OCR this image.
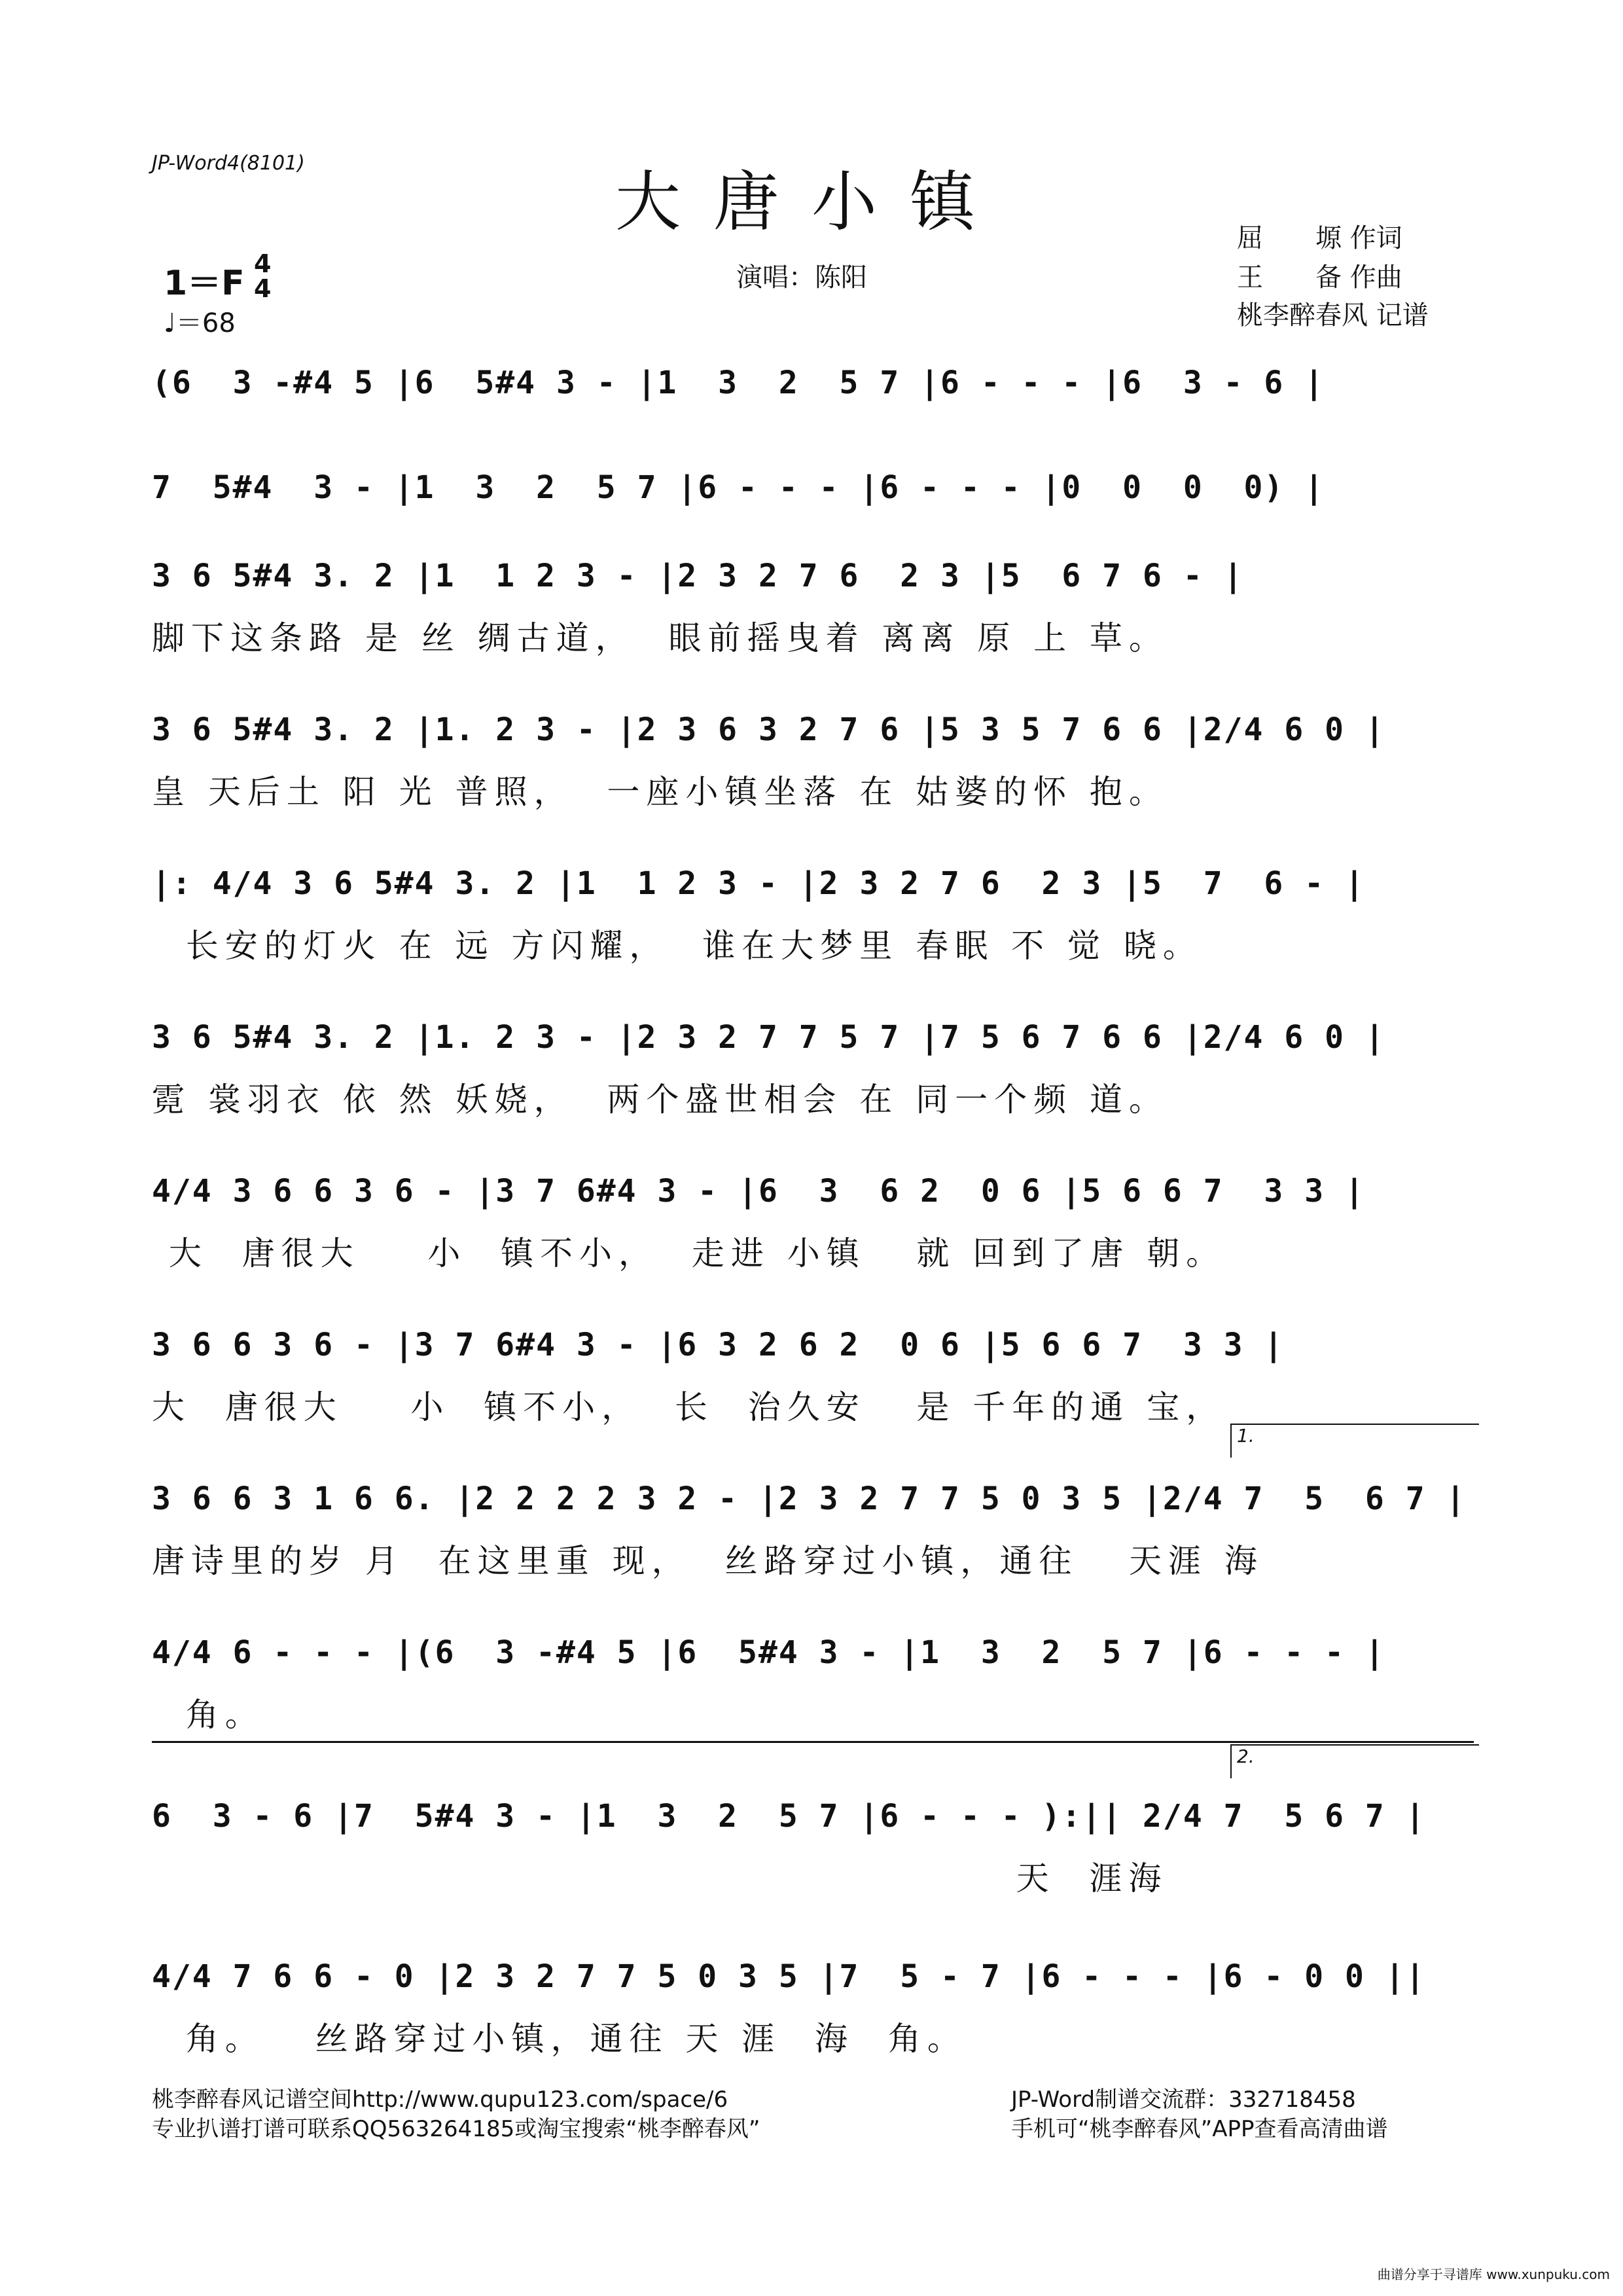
JP-Word4(8101)
大唐小镇
演唱：陈阳
屈　　塬 作词
王　　备 作曲
桃李醉春风 记谱
1＝F 4
4
♩＝68
(6  3 -#4 5 |6  5#4 3 - |1  3  2  5 7 |6 - - - |6  3 - 6 |
7  5#4  3 - |1  3  2  5 7 |6 - - - |6 - - - |0  0  0  0) |
3 6 5#4 3. 2 |1  1 2 3 - |2 3 2 7 6  2 3 |5  6 7 6 - |
脚下这条路 是 丝 绸古道，  眼前摇曳着 离离 原 上 草。
3 6 5#4 3. 2 |1. 2 3 - |2 3 6 3 2 7 6 |5 3 5 7 6 6 |2/4 6 0 |
皇 天后土 阳 光 普照，  一座小镇坐落 在 姑婆的怀 抱。
|: 4/4 3 6 5#4 3. 2 |1  1 2 3 - |2 3 2 7 6  2 3 |5  7  6 - |
长安的灯火 在 远 方闪耀，  谁在大梦里 春眠 不 觉 晓。
3 6 5#4 3. 2 |1. 2 3 - |2 3 2 7 7 5 7 |7 5 6 7 6 6 |2/4 6 0 |
霓 裳羽衣 依 然 妖娆，  两个盛世相会 在 同一个频 道。
4/4 3 6 6 3 6 - |3 7 6#4 3 - |6  3  6 2  0 6 |5 6 6 7  3 3 |
大  唐很大    小  镇不小，  走进 小镇   就 回到了唐 朝。
3 6 6 3 6 - |3 7 6#4 3 - |6 3 2 6 2  0 6 |5 6 6 7  3 3 |
大  唐很大    小  镇不小，  长  治久安   是 千年的通 宝，
3 6 6 3 1 6 6. |2 2 2 2 3 2 - |2 3 2 7 7 5 0 3 5 |2/4 7  5  6 7 |
唐诗里的岁 月  在这里重 现，  丝路穿过小镇，通往   天涯 海
4/4 6 - - - |(6  3 -#4 5 |6  5#4 3 - |1  3  2  5 7 |6 - - - |
角。
6  3 - 6 |7  5#4 3 - |1  3  2  5 7 |6 - - - ):|| 2/4 7  5 6 7 |
天  涯海
4/4 7 6 6 - 0 |2 3 2 7 7 5 0 3 5 |7  5 - 7 |6 - - - |6 - 0 0 ||
角。   丝路穿过小镇，通往 天 涯  海  角。
1.
2.
桃李醉春风记谱空间http://www.qupu123.com/space/6
专业扒谱打谱可联系QQ563264185或淘宝搜索“桃李醉春风”
JP-Word制谱交流群：332718458
手机可“桃李醉春风”APP查看高清曲谱
曲谱分享于寻谱库 www.xunpuku.com
